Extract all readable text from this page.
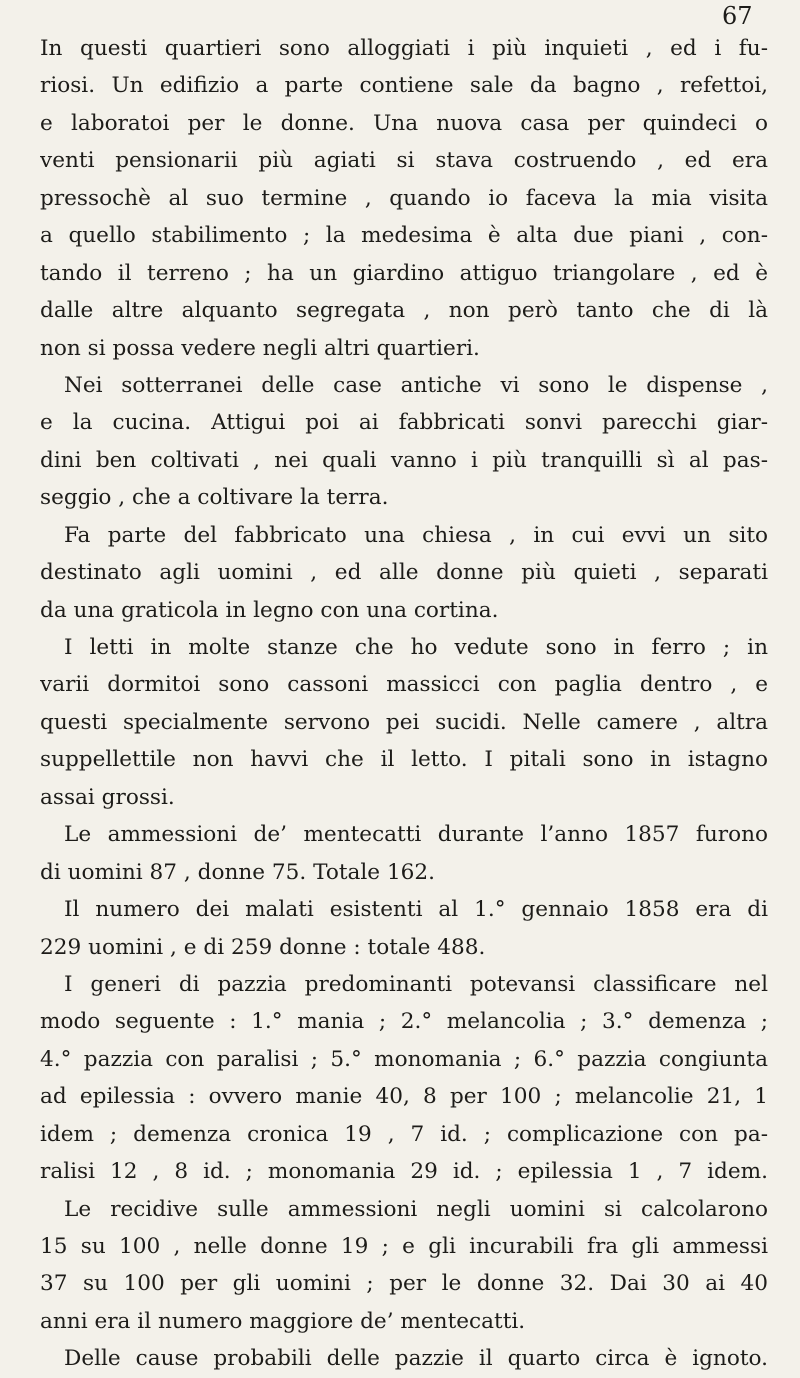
67
In questi quartieri sono alloggiati i più inquieti , ed i fu-
riosi. Un edifizio a parte contiene sale da bagno , refettoi,
e laboratoi per le donne. Una nuova casa per quindeci o
venti pensionarii più agiati si stava costruendo , ed era
pressochè al suo termine , quando io faceva la mia visita
a quello stabilimento ; la medesima è alta due piani , con-
tando il terreno ; ha un giardino attiguo triangolare , ed è
dalle altre alquanto segregata , non però tanto che di là
non si possa vedere negli altri quartieri.
Nei sotterranei delle case antiche vi sono le dispense ,
e la cucina. Attigui poi ai fabbricati sonvi parecchi giar-
dini ben coltivati , nei quali vanno i più tranquilli sì al pas-
seggio , che a coltivare la terra.
Fa parte del fabbricato una chiesa , in cui evvi un sito
destinato agli uomini , ed alle donne più quieti , separati
da una graticola in legno con una cortina.
I letti in molte stanze che ho vedute sono in ferro ; in
varii dormitoi sono cassoni massicci con paglia dentro , e
questi specialmente servono pei sucidi. Nelle camere , altra
suppellettile non havvi che il letto. I pitali sono in istagno
assai grossi.
Le ammessioni de’ mentecatti durante l’anno 1857 furono
di uomini 87 , donne 75. Totale 162.
Il numero dei malati esistenti al 1.° gennaio 1858 era di
229 uomini , e di 259 donne : totale 488.
I generi di pazzia predominanti potevansi classificare nel
modo seguente : 1.° mania ; 2.° melancolia ; 3.° demenza ;
4.° pazzia con paralisi ; 5.° monomania ; 6.° pazzia congiunta
ad epilessia : ovvero manie 40, 8 per 100 ; melancolie 21, 1
idem ; demenza cronica 19 , 7 id. ; complicazione con pa-
ralisi 12 , 8 id. ; monomania 29 id. ; epilessia 1 , 7 idem.
Le recidive sulle ammessioni negli uomini si calcolarono
15 su 100 , nelle donne 19 ; e gli incurabili fra gli ammessi
37 su 100 per gli uomini ; per le donne 32. Dai 30 ai 40
anni era il numero maggiore de’ mentecatti.
Delle cause probabili delle pazzie il quarto circa è ignoto.
